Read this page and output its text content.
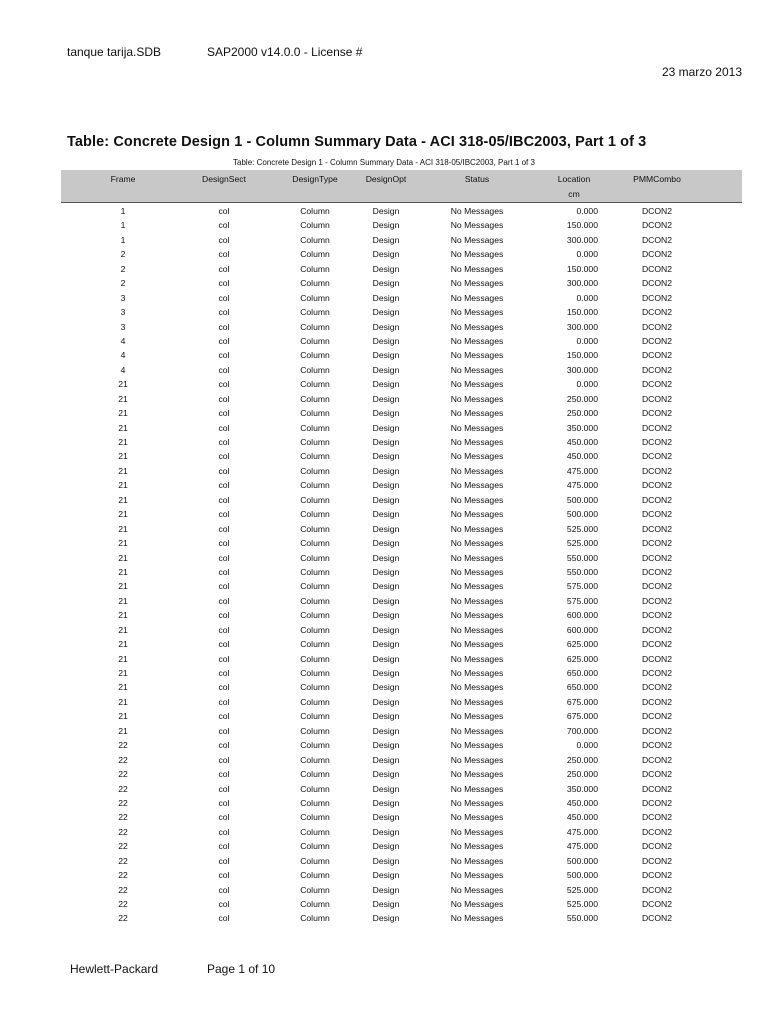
tanque tarija.SDB	SAP2000 v14.0.0 - License #
23 marzo 2013
Table: Concrete Design 1 - Column Summary Data - ACI 318-05/IBC2003, Part 1 of 3
Table: Concrete Design 1 - Column Summary Data - ACI 318-05/IBC2003, Part 1 of 3
Frame	DesignSect	DesignType	DesignOpt	Status	Location	PMMCombo
cm
1	col	Column	Design	No Messages	0.000	DCON2
1	col	Column	Design	No Messages	150.000	DCON2
1	col	Column	Design	No Messages	300.000	DCON2
2	col	Column	Design	No Messages	0.000	DCON2
2	col	Column	Design	No Messages	150.000	DCON2
2	col	Column	Design	No Messages	300.000	DCON2
3	col	Column	Design	No Messages	0.000	DCON2
3	col	Column	Design	No Messages	150.000	DCON2
3	col	Column	Design	No Messages	300.000	DCON2
4	col	Column	Design	No Messages	0.000	DCON2
4	col	Column	Design	No Messages	150.000	DCON2
4	col	Column	Design	No Messages	300.000	DCON2
21	col	Column	Design	No Messages	0.000	DCON2
21	col	Column	Design	No Messages	250.000	DCON2
21	col	Column	Design	No Messages	250.000	DCON2
21	col	Column	Design	No Messages	350.000	DCON2
21	col	Column	Design	No Messages	450.000	DCON2
21	col	Column	Design	No Messages	450.000	DCON2
21	col	Column	Design	No Messages	475.000	DCON2
21	col	Column	Design	No Messages	475.000	DCON2
21	col	Column	Design	No Messages	500.000	DCON2
21	col	Column	Design	No Messages	500.000	DCON2
21	col	Column	Design	No Messages	525.000	DCON2
21	col	Column	Design	No Messages	525.000	DCON2
21	col	Column	Design	No Messages	550.000	DCON2
21	col	Column	Design	No Messages	550.000	DCON2
21	col	Column	Design	No Messages	575.000	DCON2
21	col	Column	Design	No Messages	575.000	DCON2
21	col	Column	Design	No Messages	600.000	DCON2
21	col	Column	Design	No Messages	600.000	DCON2
21	col	Column	Design	No Messages	625.000	DCON2
21	col	Column	Design	No Messages	625.000	DCON2
21	col	Column	Design	No Messages	650.000	DCON2
21	col	Column	Design	No Messages	650.000	DCON2
21	col	Column	Design	No Messages	675.000	DCON2
21	col	Column	Design	No Messages	675.000	DCON2
21	col	Column	Design	No Messages	700.000	DCON2
22	col	Column	Design	No Messages	0.000	DCON2
22	col	Column	Design	No Messages	250.000	DCON2
22	col	Column	Design	No Messages	250.000	DCON2
22	col	Column	Design	No Messages	350.000	DCON2
22	col	Column	Design	No Messages	450.000	DCON2
22	col	Column	Design	No Messages	450.000	DCON2
22	col	Column	Design	No Messages	475.000	DCON2
22	col	Column	Design	No Messages	475.000	DCON2
22	col	Column	Design	No Messages	500.000	DCON2
22	col	Column	Design	No Messages	500.000	DCON2
22	col	Column	Design	No Messages	525.000	DCON2
22	col	Column	Design	No Messages	525.000	DCON2
22	col	Column	Design	No Messages	550.000	DCON2
Hewlett-Packard	Page 1 of 10
